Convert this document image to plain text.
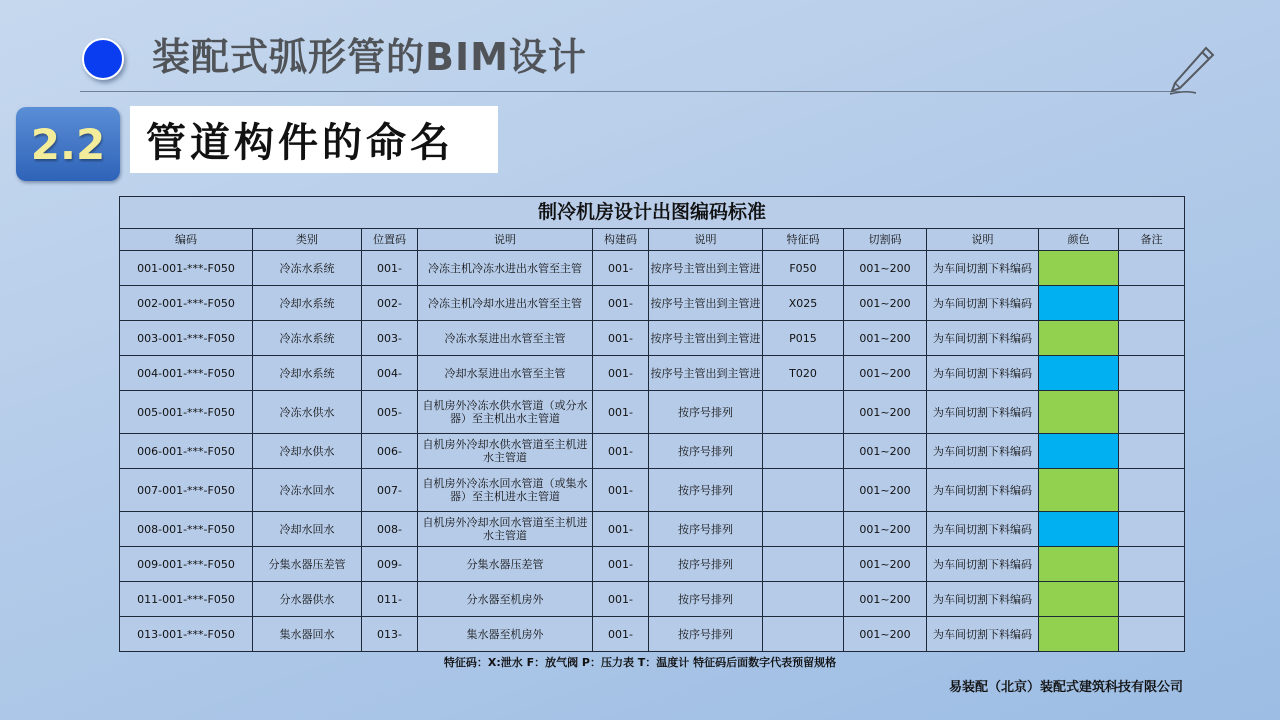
装配式弧形管的BIM设计
2.2 管道构件的命名
制冷机房设计出图编码标准
编码	类别	位置码	说明	构建码	说明	特征码	切割码	说明	颜色	备注
001-001-***-F050	冷冻水系统	001-	冷冻主机冷冻水进出水管至主管	001-	按序号主管出到主管进	F050	001~200	为车间切割下料编码		
002-001-***-F050	冷却水系统	002-	冷冻主机冷却水进出水管至主管	001-	按序号主管出到主管进	X025	001~200	为车间切割下料编码		
003-001-***-F050	冷冻水系统	003-	冷冻水泵进出水管至主管	001-	按序号主管出到主管进	P015	001~200	为车间切割下料编码		
004-001-***-F050	冷却水系统	004-	冷却水泵进出水管至主管	001-	按序号主管出到主管进	T020	001~200	为车间切割下料编码		
005-001-***-F050	冷冻水供水	005-	自机房外冷冻水供水管道（或分水器）至主机出水主管道	001-	按序号排列		001~200	为车间切割下料编码		
006-001-***-F050	冷却水供水	006-	自机房外冷却水供水管道至主机进水主管道	001-	按序号排列		001~200	为车间切割下料编码		
007-001-***-F050	冷冻水回水	007-	自机房外冷冻水回水管道（或集水器）至主机进水主管道	001-	按序号排列		001~200	为车间切割下料编码		
008-001-***-F050	冷却水回水	008-	自机房外冷却水回水管道至主机进水主管道	001-	按序号排列		001~200	为车间切割下料编码		
009-001-***-F050	分集水器压差管	009-	分集水器压差管	001-	按序号排列		001~200	为车间切割下料编码		
011-001-***-F050	分水器供水	011-	分水器至机房外	001-	按序号排列		001~200	为车间切割下料编码		
013-001-***-F050	集水器回水	013-	集水器至机房外	001-	按序号排列		001~200	为车间切割下料编码		
特征码：X:泄水 F：放气阀 P：压力表 T：温度计 特征码后面数字代表预留规格
易装配（北京）装配式建筑科技有限公司
